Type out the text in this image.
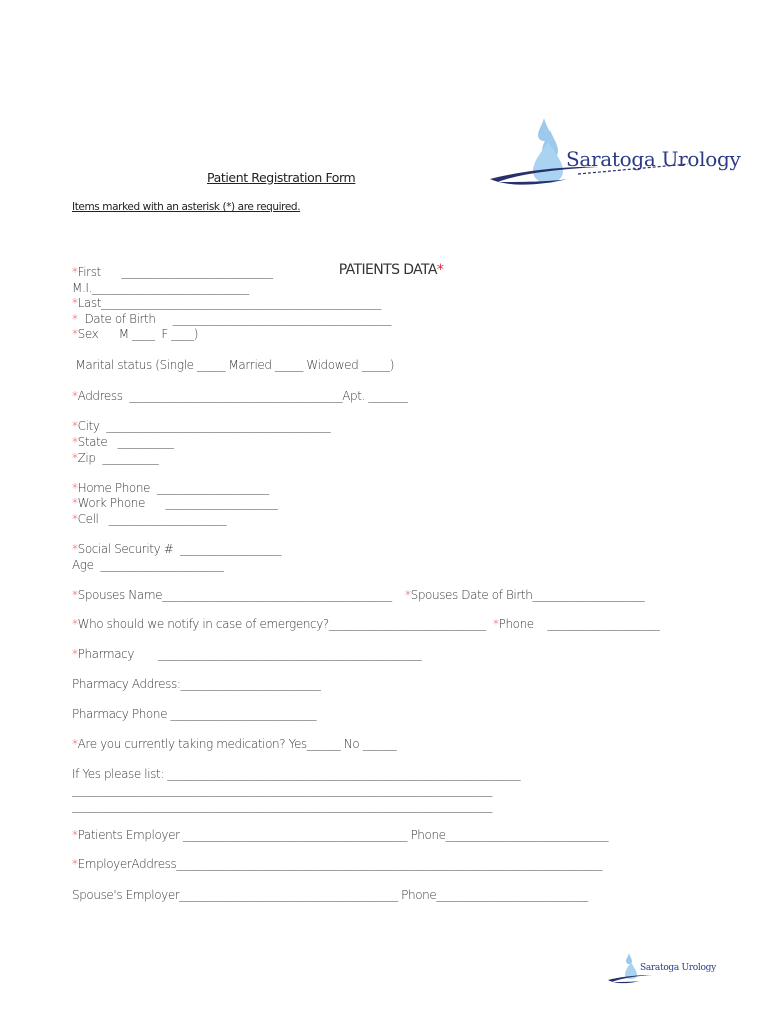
Saratoga Urology
Patient Registration Form
Items marked with an asterisk (*) are required.

PATIENTS DATA*

*First      ___________________________
M.I.____________________________
*Last__________________________________________________
*  Date of Birth     _______________________________________
*Sex      M ____  F ____)
Marital status (Single _____ Married _____ Widowed _____)
*Address  ______________________________________Apt. _______
*City  ________________________________________
*State   __________
*Zip  __________
*Home Phone  ____________________
*Work Phone      ____________________
*Cell   _____________________
*Social Security #  __________________
Age  ______________________
*Spouses Name_________________________________________ *Spouses Date of Birth____________________
*Who should we notify in case of emergency?____________________________ *Phone    ____________________
*Pharmacy       _______________________________________________
Pharmacy Address:_________________________
Pharmacy Phone __________________________
*Are you currently taking medication? Yes______ No ______
If Yes please list: _______________________________________________________________
___________________________________________________________________________
___________________________________________________________________________
*Patients Employer ________________________________________ Phone_____________________________
*EmployerAddress____________________________________________________________________________
Spouse's Employer_______________________________________ Phone___________________________
Saratoga Urology
